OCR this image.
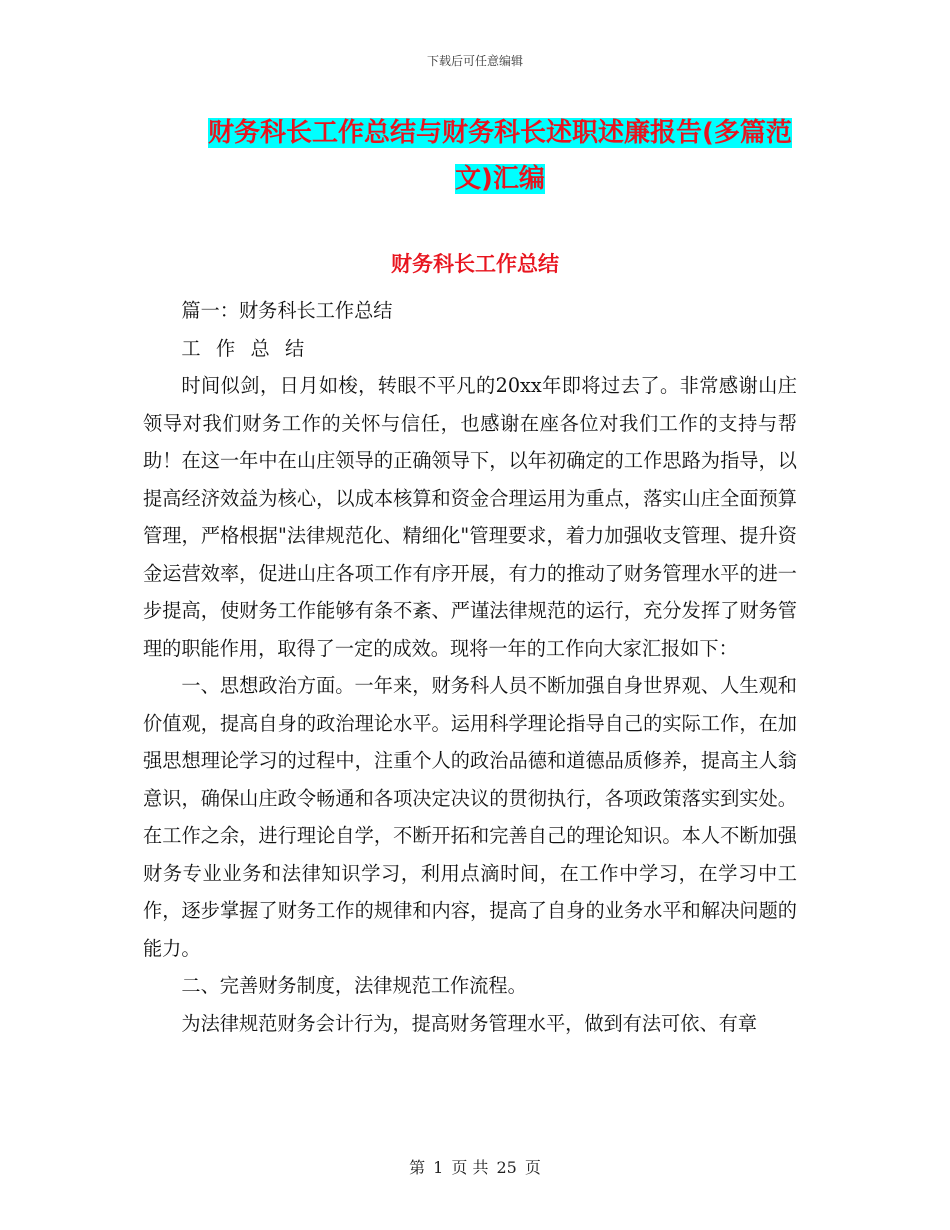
下载后可任意编辑
财务科长工作总结与财务科长述职述廉报告(多篇范文)汇编
财务科长工作总结

篇一：财务科长工作总结

工作总结

时间似剑，日月如梭，转眼不平凡的20xx年即将过去了。非常感谢山庄领导对我们财务工作的关怀与信任，也感谢在座各位对我们工作的支持与帮助！在这一年中在山庄领导的正确领导下，以年初确定的工作思路为指导，以提高经济效益为核心，以成本核算和资金合理运用为重点，落实山庄全面预算管理，严格根据"法律规范化、精细化"管理要求，着力加强收支管理、提升资金运营效率，促进山庄各项工作有序开展，有力的推动了财务管理水平的进一步提高，使财务工作能够有条不紊、严谨法律规范的运行，充分发挥了财务管理的职能作用，取得了一定的成效。现将一年的工作向大家汇报如下：

一、思想政治方面。一年来，财务科人员不断加强自身世界观、人生观和价值观，提高自身的政治理论水平。运用科学理论指导自己的实际工作，在加强思想理论学习的过程中，注重个人的政治品德和道德品质修养，提高主人翁意识，确保山庄政令畅通和各项决定决议的贯彻执行，各项政策落实到实处。在工作之余，进行理论自学，不断开拓和完善自己的理论知识。本人不断加强财务专业业务和法律知识学习，利用点滴时间，在工作中学习，在学习中工作，逐步掌握了财务工作的规律和内容，提高了自身的业务水平和解决问题的能力。

二、完善财务制度，法律规范工作流程。

为法律规范财务会计行为，提高财务管理水平，做到有法可依、有章

第 1 页 共 25 页
